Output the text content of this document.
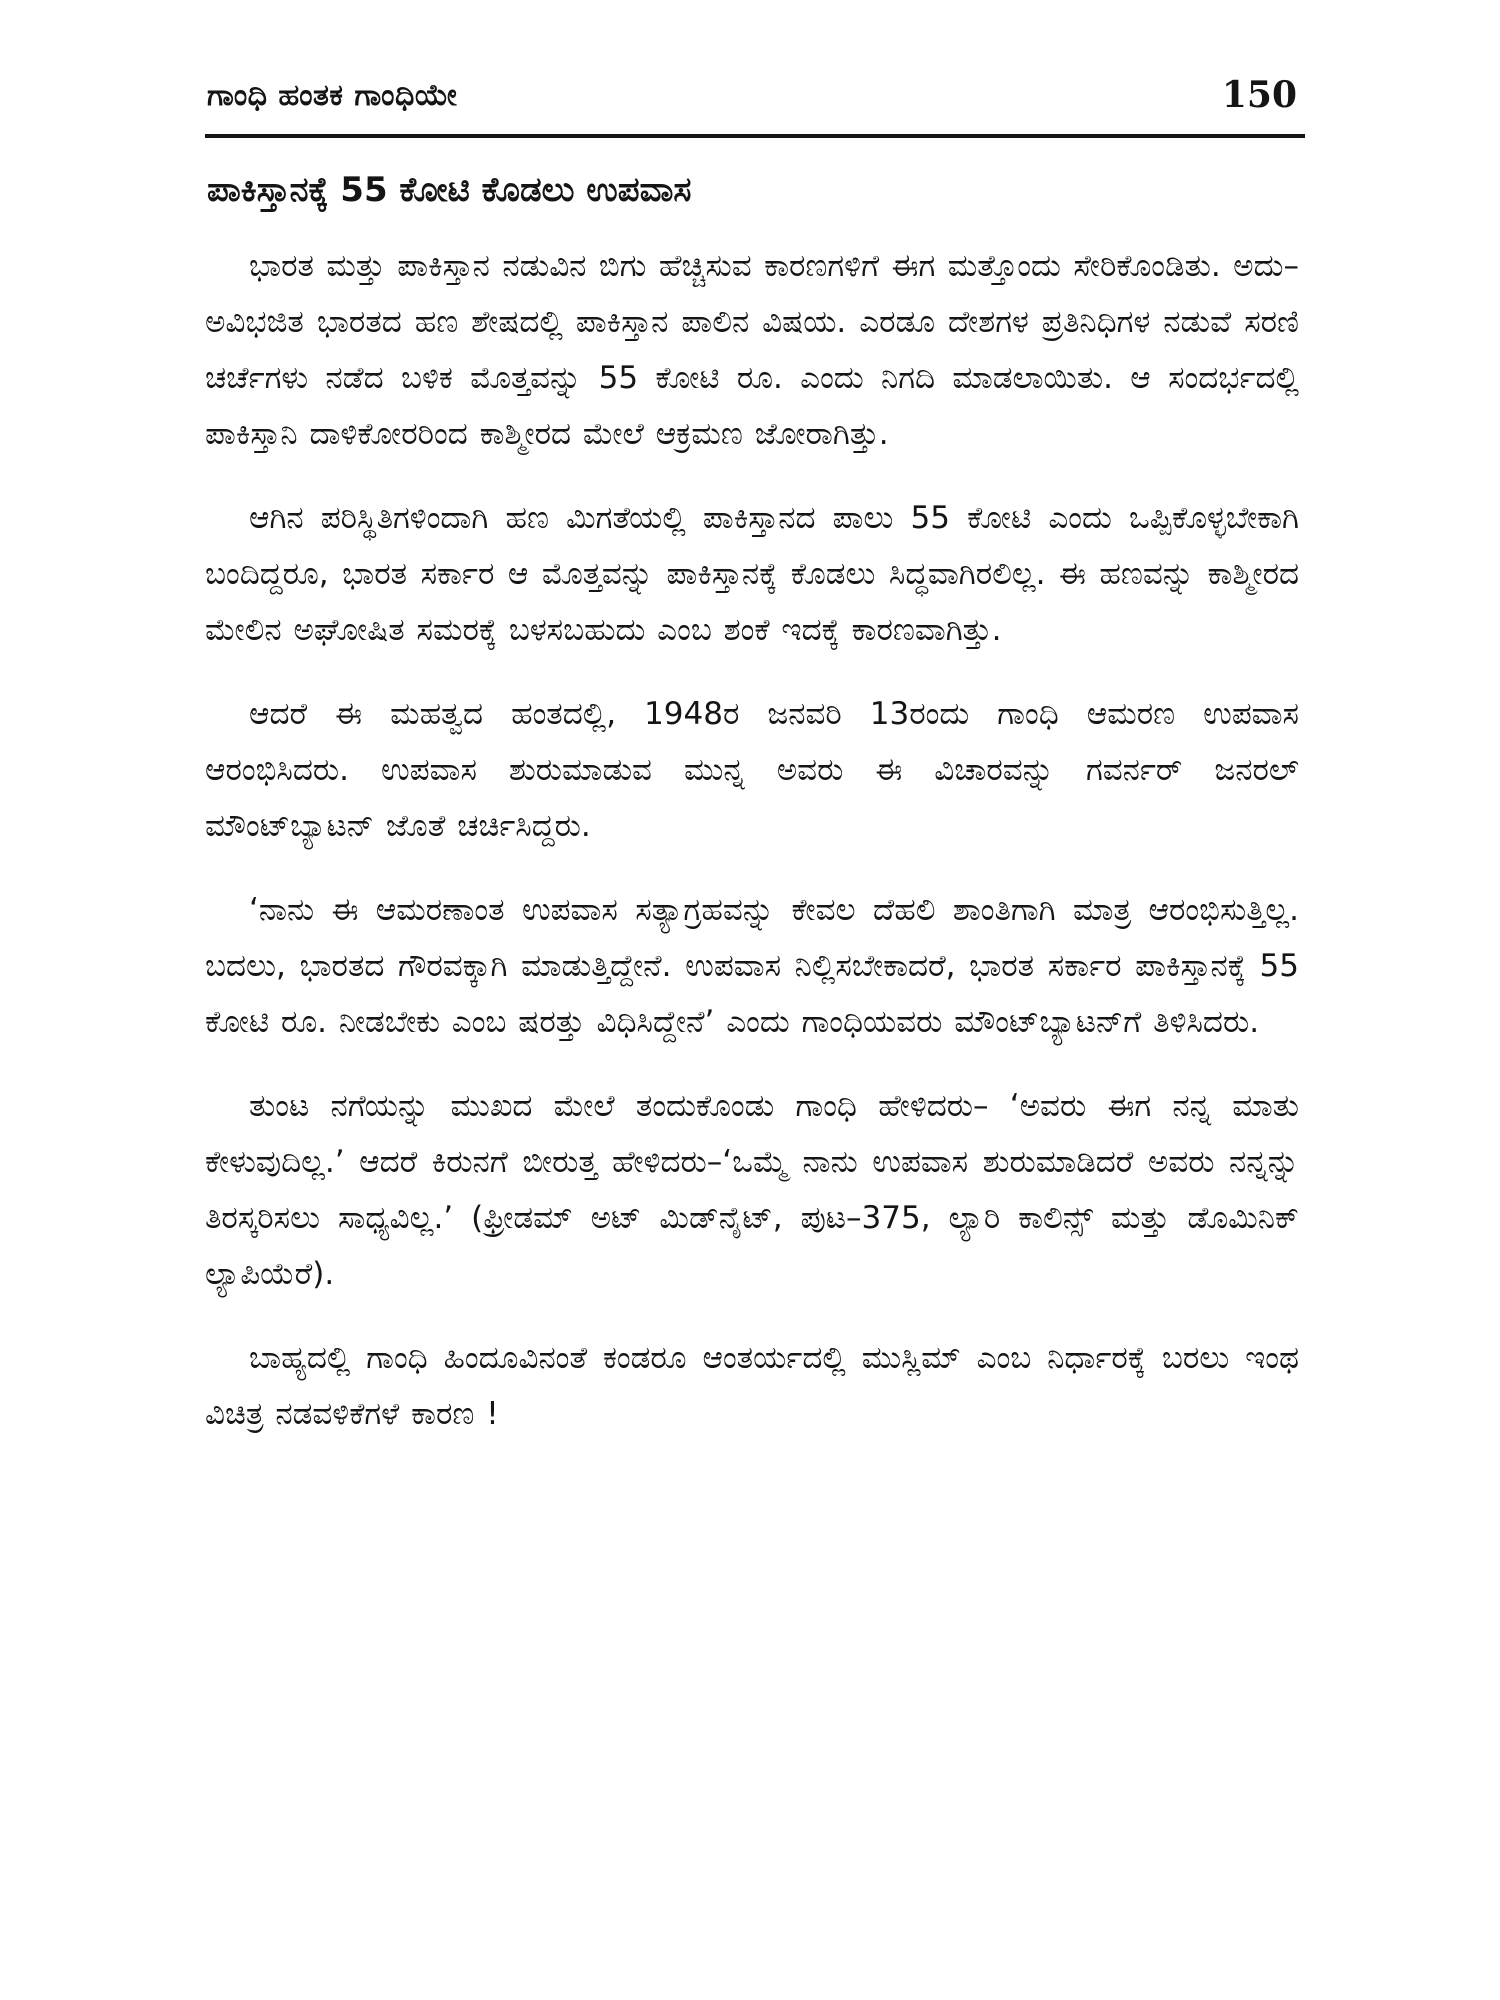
ಗಾಂಧಿ ಹಂತಕ ಗಾಂಧಿಯೇ	150
ಪಾಕಿಸ್ತಾನಕ್ಕೆ 55 ಕೋಟಿ ಕೊಡಲು ಉಪವಾಸ

ಭಾರತ ಮತ್ತು ಪಾಕಿಸ್ತಾನ ನಡುವಿನ ಬಿಗು ಹೆಚ್ಚಿಸುವ ಕಾರಣಗಳಿಗೆ ಈಗ ಮತ್ತೊಂದು ಸೇರಿಕೊಂಡಿತು. ಅದು–ಅವಿಭಜಿತ ಭಾರತದ ಹಣ ಶೇಷದಲ್ಲಿ ಪಾಕಿಸ್ತಾನ ಪಾಲಿನ ವಿಷಯ. ಎರಡೂ ದೇಶಗಳ ಪ್ರತಿನಿಧಿಗಳ ನಡುವೆ ಸರಣಿ ಚರ್ಚೆಗಳು ನಡೆದ ಬಳಿಕ ಮೊತ್ತವನ್ನು 55 ಕೋಟಿ ರೂ. ಎಂದು ನಿಗದಿ ಮಾಡಲಾಯಿತು. ಆ ಸಂದರ್ಭದಲ್ಲಿ ಪಾಕಿಸ್ತಾನಿ ದಾಳಿಕೋರರಿಂದ ಕಾಶ್ಮೀರದ ಮೇಲೆ ಆಕ್ರಮಣ ಜೋರಾಗಿತ್ತು.

ಆಗಿನ ಪರಿಸ್ಥಿತಿಗಳಿಂದಾಗಿ ಹಣ ಮಿಗತೆಯಲ್ಲಿ ಪಾಕಿಸ್ತಾನದ ಪಾಲು 55 ಕೋಟಿ ಎಂದು ಒಪ್ಪಿಕೊಳ್ಳಬೇಕಾಗಿ ಬಂದಿದ್ದರೂ, ಭಾರತ ಸರ್ಕಾರ ಆ ಮೊತ್ತವನ್ನು ಪಾಕಿಸ್ತಾನಕ್ಕೆ ಕೊಡಲು ಸಿದ್ಧವಾಗಿರಲಿಲ್ಲ. ಈ ಹಣವನ್ನು ಕಾಶ್ಮೀರದ ಮೇಲಿನ ಅಘೋಷಿತ ಸಮರಕ್ಕೆ ಬಳಸಬಹುದು ಎಂಬ ಶಂಕೆ ಇದಕ್ಕೆ ಕಾರಣವಾಗಿತ್ತು.

ಆದರೆ ಈ ಮಹತ್ವದ ಹಂತದಲ್ಲಿ, 1948ರ ಜನವರಿ 13ರಂದು ಗಾಂಧಿ ಆಮರಣ ಉಪವಾಸ ಆರಂಭಿಸಿದರು. ಉಪವಾಸ ಶುರುಮಾಡುವ ಮುನ್ನ ಅವರು ಈ ವಿಚಾರವನ್ನು ಗವರ್ನರ್ ಜನರಲ್ ಮೌಂಟ್‌ಬ್ಯಾಟನ್ ಜೊತೆ ಚರ್ಚಿಸಿದ್ದರು.

‘ನಾನು ಈ ಆಮರಣಾಂತ ಉಪವಾಸ ಸತ್ಯಾಗ್ರಹವನ್ನು ಕೇವಲ ದೆಹಲಿ ಶಾಂತಿಗಾಗಿ ಮಾತ್ರ ಆರಂಭಿಸುತ್ತಿಲ್ಲ. ಬದಲು, ಭಾರತದ ಗೌರವಕ್ಕಾಗಿ ಮಾಡುತ್ತಿದ್ದೇನೆ. ಉಪವಾಸ ನಿಲ್ಲಿಸಬೇಕಾದರೆ, ಭಾರತ ಸರ್ಕಾರ ಪಾಕಿಸ್ತಾನಕ್ಕೆ 55 ಕೋಟಿ ರೂ. ನೀಡಬೇಕು ಎಂಬ ಷರತ್ತು ವಿಧಿಸಿದ್ದೇನೆ’ ಎಂದು ಗಾಂಧಿಯವರು ಮೌಂಟ್‌ಬ್ಯಾಟನ್‌ಗೆ ತಿಳಿಸಿದರು.

ತುಂಟ ನಗೆಯನ್ನು ಮುಖದ ಮೇಲೆ ತಂದುಕೊಂಡು ಗಾಂಧಿ ಹೇಳಿದರು– ‘ಅವರು ಈಗ ನನ್ನ ಮಾತು ಕೇಳುವುದಿಲ್ಲ.’ ಆದರೆ ಕಿರುನಗೆ ಬೀರುತ್ತ ಹೇಳಿದರು–‘ಒಮ್ಮೆ ನಾನು ಉಪವಾಸ ಶುರುಮಾಡಿದರೆ ಅವರು ನನ್ನನ್ನು ತಿರಸ್ಕರಿಸಲು ಸಾಧ್ಯವಿಲ್ಲ.’ (ಫ್ರೀಡಮ್ ಅಟ್ ಮಿಡ್‌ನೈಟ್, ಪುಟ–375, ಲ್ಯಾರಿ ಕಾಲಿನ್ಸ್ ಮತ್ತು ಡೊಮಿನಿಕ್ ಲ್ಯಾಪಿಯೆರೆ).

ಬಾಹ್ಯದಲ್ಲಿ ಗಾಂಧಿ ಹಿಂದೂವಿನಂತೆ ಕಂಡರೂ ಆಂತರ್ಯದಲ್ಲಿ ಮುಸ್ಲಿಮ್ ಎಂಬ ನಿರ್ಧಾರಕ್ಕೆ ಬರಲು ಇಂಥ ವಿಚಿತ್ರ ನಡವಳಿಕೆಗಳೆ ಕಾರಣ !
